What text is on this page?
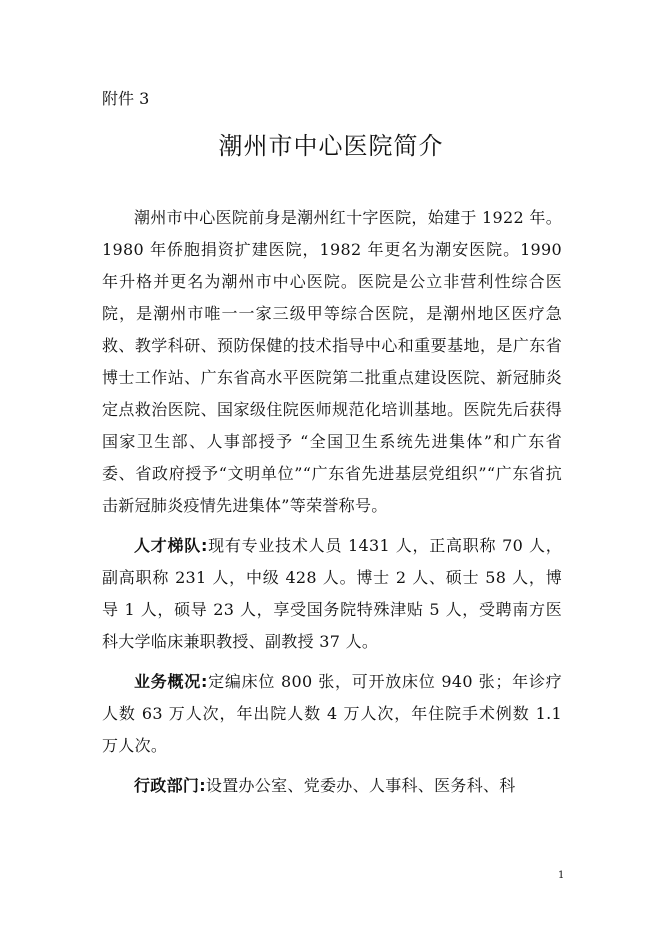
附件 3
潮州市中心医院简介

潮州市中心医院前身是潮州红十字医院，始建于 1922 年。1980 年侨胞捐资扩建医院，1982 年更名为潮安医院。1990 年升格并更名为潮州市中心医院。医院是公立非营利性综合医院，是潮州市唯一一家三级甲等综合医院，是潮州地区医疗急救、教学科研、预防保健的技术指导中心和重要基地，是广东省博士工作站、广东省高水平医院第二批重点建设医院、新冠肺炎定点救治医院、国家级住院医师规范化培训基地。医院先后获得国家卫生部、人事部授予 “全国卫生系统先进集体”和广东省委、省政府授予“文明单位”“广东省先进基层党组织”“广东省抗击新冠肺炎疫情先进集体”等荣誉称号。

人才梯队:现有专业技术人员 1431 人，正高职称 70 人，副高职称 231 人，中级 428 人。博士 2 人、硕士 58 人，博导 1 人，硕导 23 人，享受国务院特殊津贴 5 人，受聘南方医科大学临床兼职教授、副教授 37 人。

业务概况:定编床位 800 张，可开放床位 940 张；年诊疗人数 63 万人次，年出院人数 4 万人次，年住院手术例数 1.1 万人次。

行政部门:设置办公室、党委办、人事科、医务科、科

1
